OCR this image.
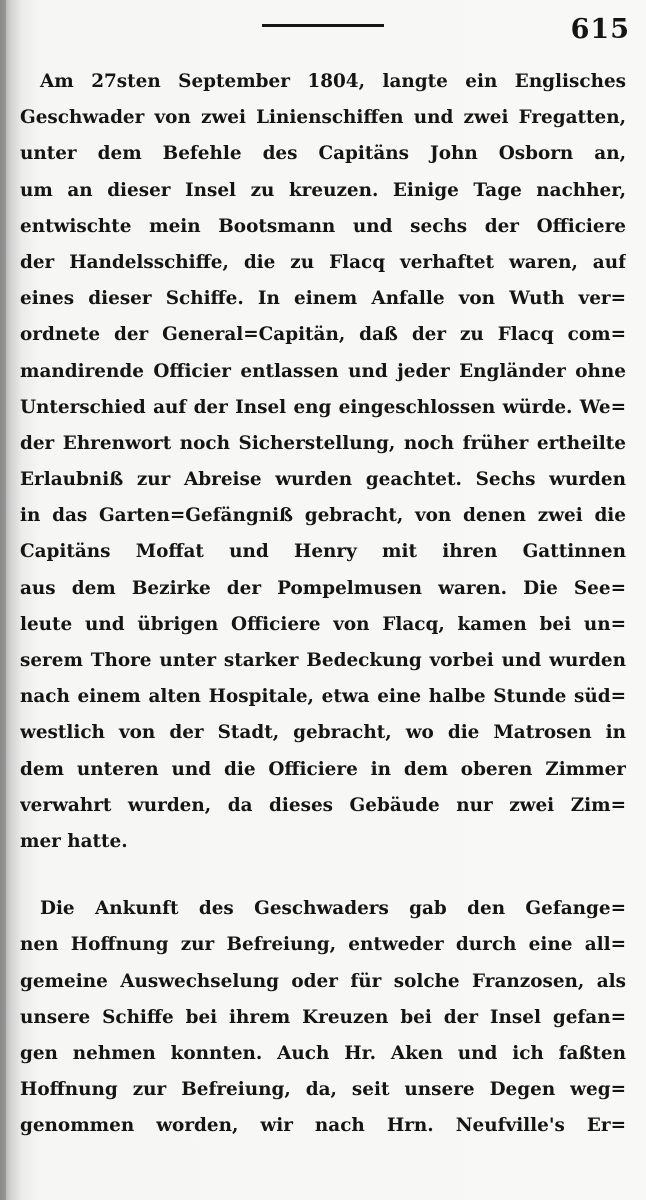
615
Am 27sten September 1804, langte ein Englisches
Geschwader von zwei Linienschiffen und zwei Fregatten,
unter dem Befehle des Capitäns John Osborn an,
um an dieser Insel zu kreuzen. Einige Tage nachher,
entwischte mein Bootsmann und sechs der Officiere
der Handelsschiffe, die zu Flacq verhaftet waren, auf
eines dieser Schiffe. In einem Anfalle von Wuth ver=
ordnete der General=Capitän, daß der zu Flacq com=
mandirende Officier entlassen und jeder Engländer ohne
Unterschied auf der Insel eng eingeschlossen würde. We=
der Ehrenwort noch Sicherstellung, noch früher ertheilte
Erlaubniß zur Abreise wurden geachtet. Sechs wurden
in das Garten=Gefängniß gebracht, von denen zwei die
Capitäns Moffat und Henry mit ihren Gattinnen
aus dem Bezirke der Pompelmusen waren. Die See=
leute und übrigen Officiere von Flacq, kamen bei un=
serem Thore unter starker Bedeckung vorbei und wurden
nach einem alten Hospitale, etwa eine halbe Stunde süd=
westlich von der Stadt, gebracht, wo die Matrosen in
dem unteren und die Officiere in dem oberen Zimmer
verwahrt wurden, da dieses Gebäude nur zwei Zim=
mer hatte.
Die Ankunft des Geschwaders gab den Gefange=
nen Hoffnung zur Befreiung, entweder durch eine all=
gemeine Auswechselung oder für solche Franzosen, als
unsere Schiffe bei ihrem Kreuzen bei der Insel gefan=
gen nehmen konnten. Auch Hr. Aken und ich faßten
Hoffnung zur Befreiung, da, seit unsere Degen weg=
genommen worden, wir nach Hrn. Neufville's Er=
